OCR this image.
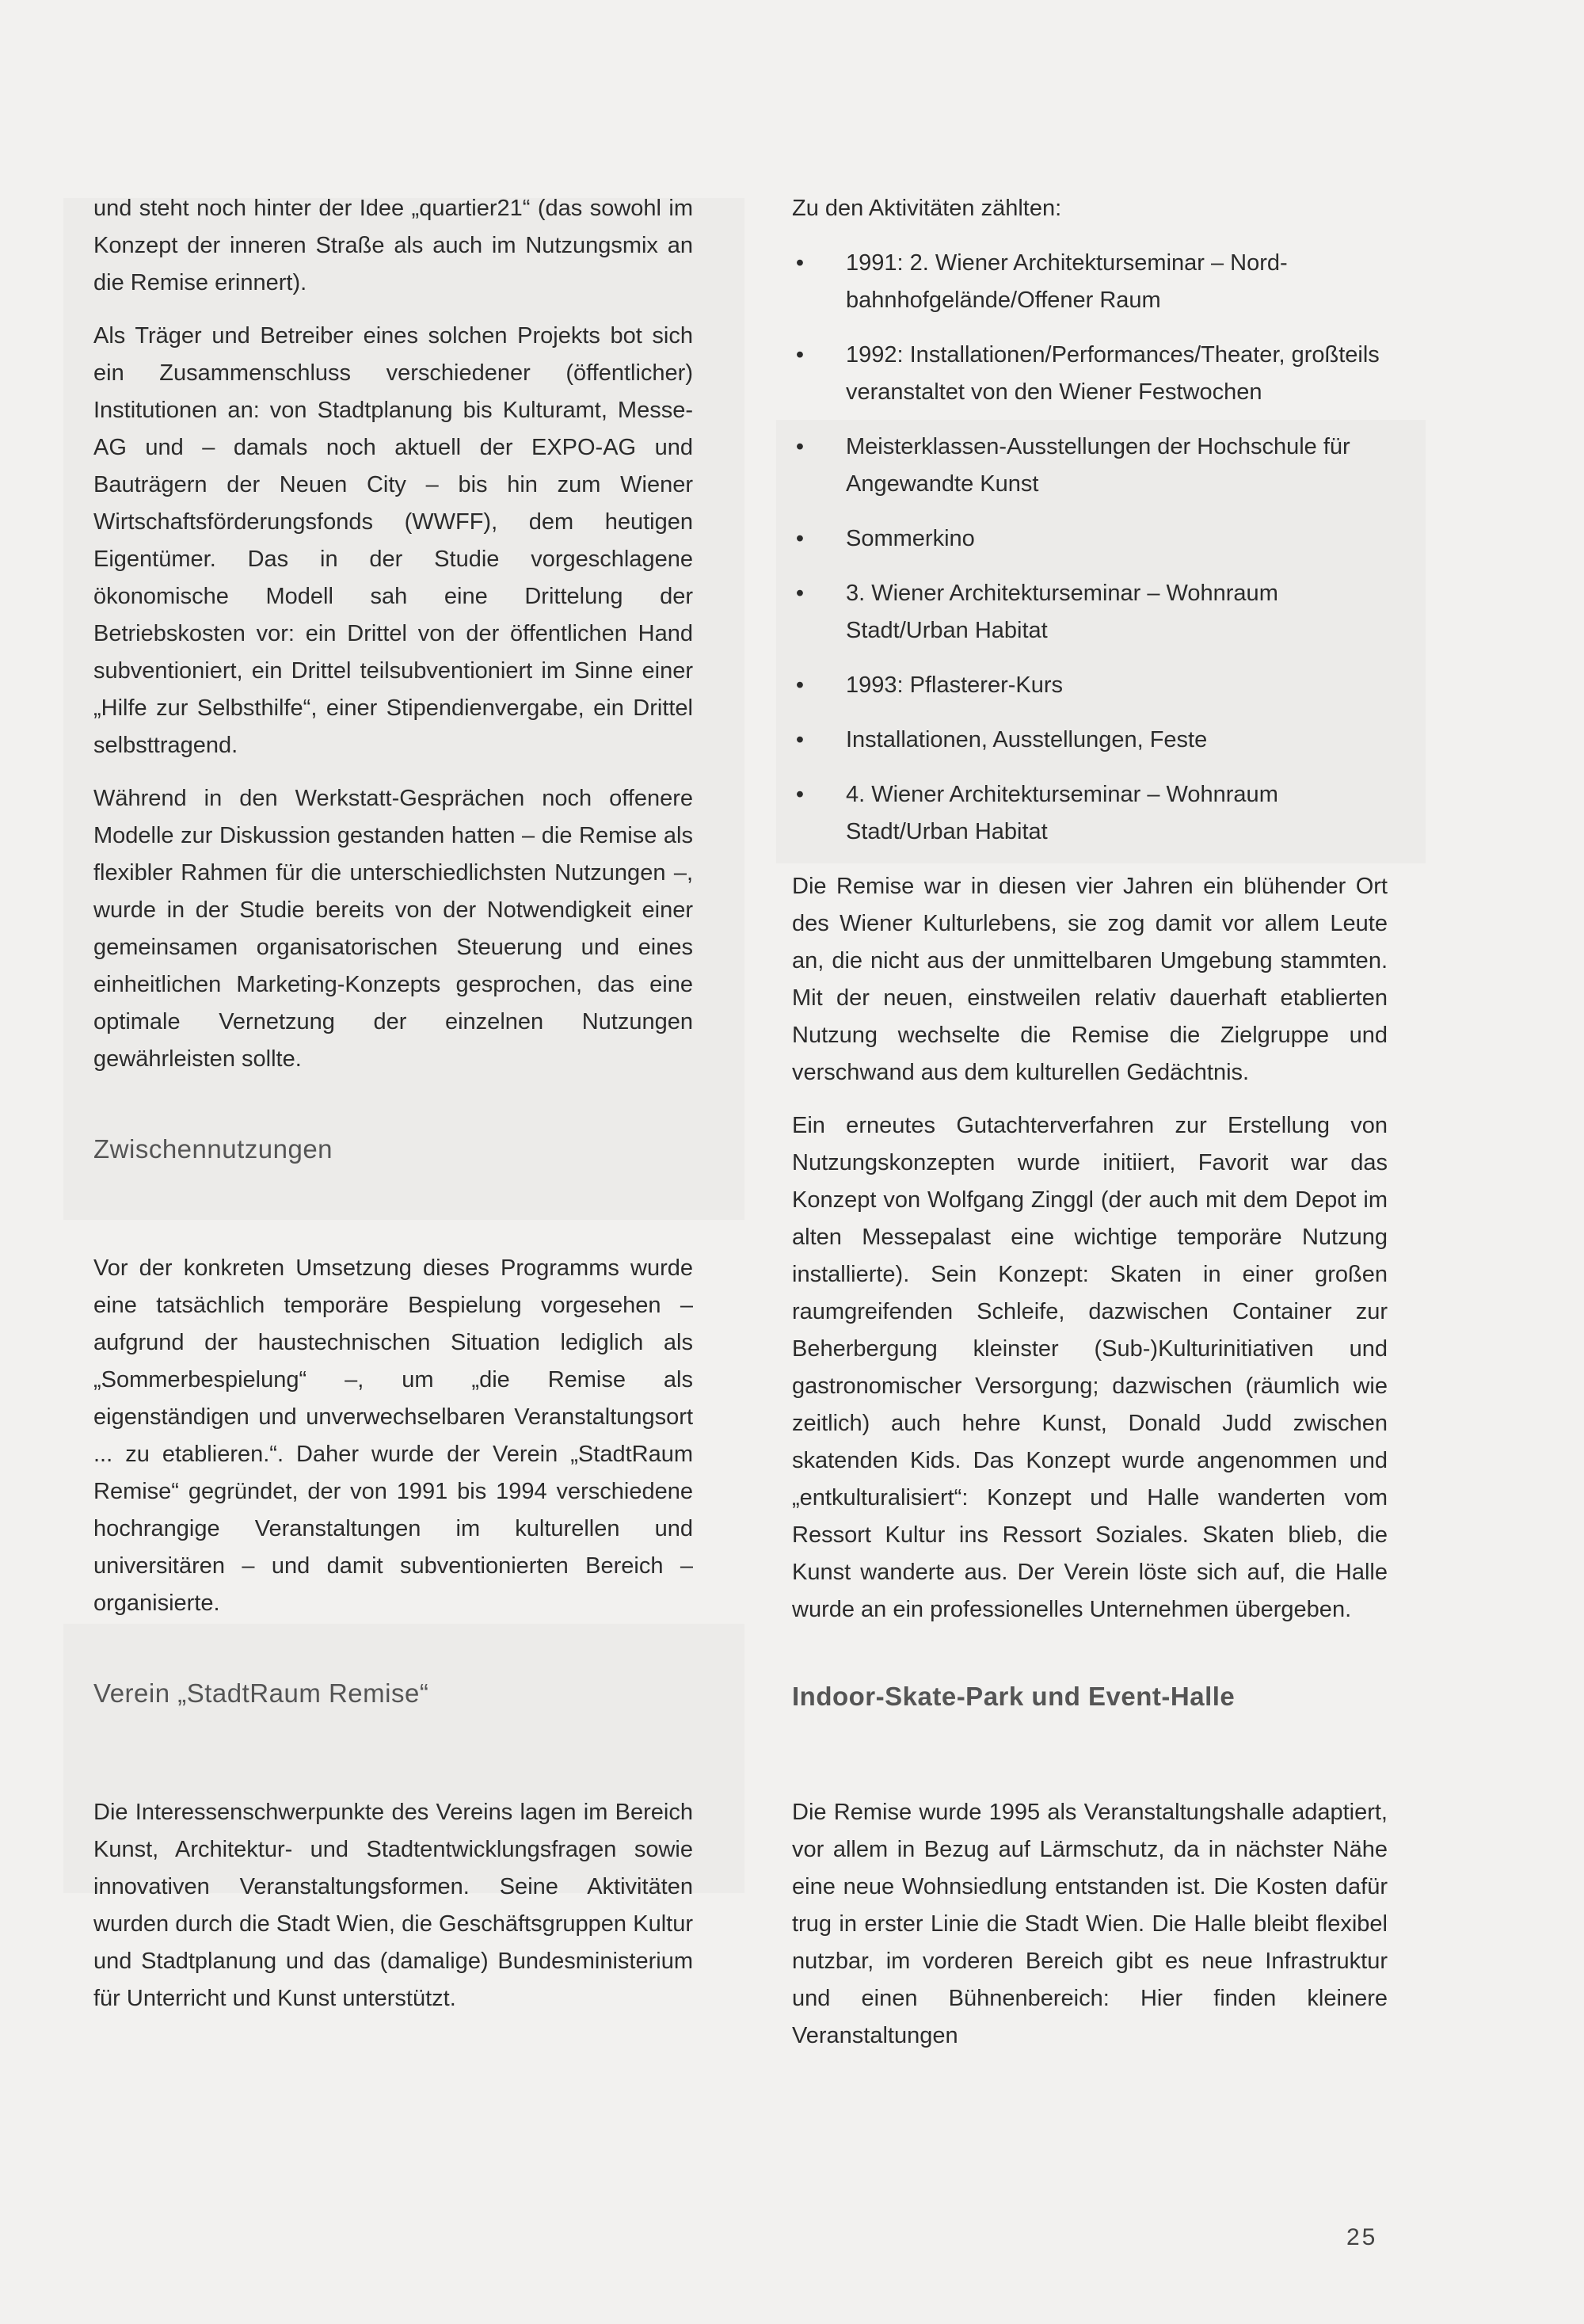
und steht noch hinter der Idee „quartier21“ (das sowohl im Konzept der inneren Straße als auch im Nutzungsmix an die Remise erinnert).

Als Träger und Betreiber eines solchen Projekts bot sich ein Zusammenschluss verschiedener (öffentlicher) Institutionen an: von Stadtplanung bis Kulturamt, Messe-AG und – damals noch aktuell der EXPO-AG und Bauträgern der Neuen City – bis hin zum Wiener Wirtschaftsförderungsfonds (WWFF), dem heutigen Eigentümer. Das in der Studie vorgeschlagene ökonomische Modell sah eine Drittelung der Betriebskosten vor: ein Drittel von der öffentlichen Hand subventioniert, ein Drittel teilsubventioniert im Sinne einer „Hilfe zur Selbsthilfe“, einer Stipendienvergabe, ein Drittel selbsttragend.

Während in den Werkstatt-Gesprächen noch offenere Modelle zur Diskussion gestanden hatten – die Remise als flexibler Rahmen für die unterschiedlichsten Nutzungen –, wurde in der Studie bereits von der Notwendigkeit einer gemeinsamen organisatorischen Steuerung und eines einheitlichen Marketing-Konzepts gesprochen, das eine optimale Vernetzung der einzelnen Nutzungen gewährleisten sollte.

Zwischennutzungen

Vor der konkreten Umsetzung dieses Programms wurde eine tatsächlich temporäre Bespielung vorgesehen – aufgrund der haustechnischen Situation lediglich als „Sommerbespielung“ –, um „die Remise als eigenständigen und unverwechselbaren Veranstaltungsort ... zu etablieren.“. Daher wurde der Verein „StadtRaum Remise“ gegründet, der von 1991 bis 1994 verschiedene hochrangige Veranstaltungen im kulturellen und universitären – und damit subventionierten Bereich – organisierte.

Verein „StadtRaum Remise“

Die Interessenschwerpunkte des Vereins lagen im Bereich Kunst, Architektur- und Stadtentwicklungsfragen sowie innovativen Veranstaltungsformen. Seine Aktivitäten wurden durch die Stadt Wien, die Geschäftsgruppen Kultur und Stadtplanung und das (damalige) Bundesministerium für Unterricht und Kunst unterstützt.

Zu den Aktivitäten zählten:

• 1991: 2. Wiener Architekturseminar – Nordbahnhofgelände/Offener Raum
• 1992: Installationen/Performances/Theater, großteils veranstaltet von den Wiener Festwochen
• Meisterklassen-Ausstellungen der Hochschule für Angewandte Kunst
• Sommerkino
• 3. Wiener Architekturseminar – Wohnraum Stadt/Urban Habitat
• 1993: Pflasterer-Kurs
• Installationen, Ausstellungen, Feste
• 4. Wiener Architekturseminar – Wohnraum Stadt/Urban Habitat

Die Remise war in diesen vier Jahren ein blühender Ort des Wiener Kulturlebens, sie zog damit vor allem Leute an, die nicht aus der unmittelbaren Umgebung stammten. Mit der neuen, einstweilen relativ dauerhaft etablierten Nutzung wechselte die Remise die Zielgruppe und verschwand aus dem kulturellen Gedächtnis.

Ein erneutes Gutachterverfahren zur Erstellung von Nutzungskonzepten wurde initiiert, Favorit war das Konzept von Wolfgang Zinggl (der auch mit dem Depot im alten Messepalast eine wichtige temporäre Nutzung installierte). Sein Konzept: Skaten in einer großen raumgreifenden Schleife, dazwischen Container zur Beherbergung kleinster (Sub-)Kulturinitiativen und gastronomischer Versorgung; dazwischen (räumlich wie zeitlich) auch hehre Kunst, Donald Judd zwischen skatenden Kids. Das Konzept wurde angenommen und „entkulturalisiert“: Konzept und Halle wanderten vom Ressort Kultur ins Ressort Soziales. Skaten blieb, die Kunst wanderte aus. Der Verein löste sich auf, die Halle wurde an ein professionelles Unternehmen übergeben.

Indoor-Skate-Park und Event-Halle

Die Remise wurde 1995 als Veranstaltungshalle adaptiert, vor allem in Bezug auf Lärmschutz, da in nächster Nähe eine neue Wohnsiedlung entstanden ist. Die Kosten dafür trug in erster Linie die Stadt Wien. Die Halle bleibt flexibel nutzbar, im vorderen Bereich gibt es neue Infrastruktur und einen Bühnenbereich: Hier finden kleinere Veranstaltungen

25
